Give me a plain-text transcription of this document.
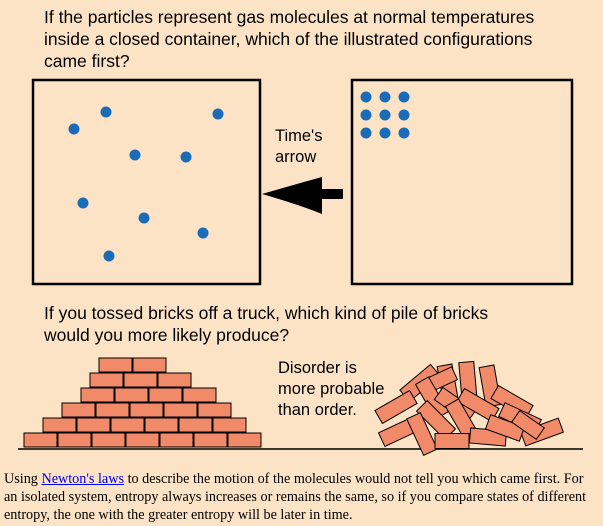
If the particles represent gas molecules at normal temperatures
inside a closed container, which of the illustrated configurations
came first?
Time's
arrow
If you tossed bricks off a truck, which kind of pile of bricks
would you more likely produce?
Disorder is
more probable
than order.
Using Newton's laws to describe the motion of the molecules would not tell you which came first. For an isolated system, entropy always increases or remains the same, so if you compare states of different entropy, the one with the greater entropy will be later in time.
